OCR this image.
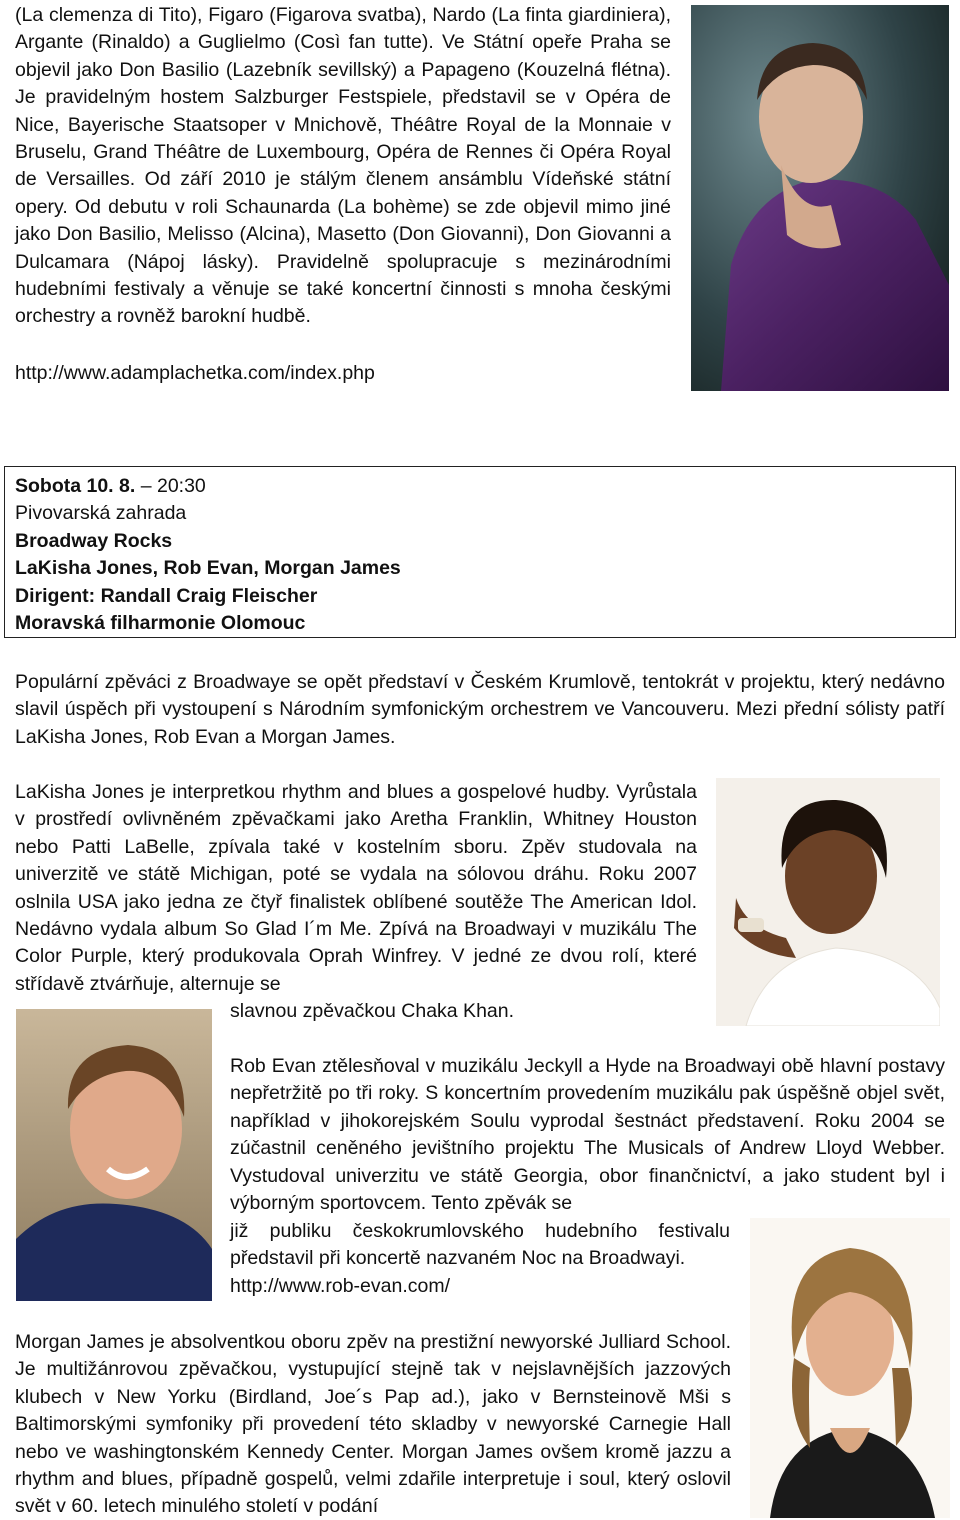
(La clemenza di Tito), Figaro (Figarova svatba), Nardo (La finta giardiniera), Argante (Rinaldo) a Guglielmo (Così fan tutte). Ve Státní opeře Praha se objevil jako Don Basilio (Lazebník sevillský) a Papageno (Kouzelná flétna). Je pravidelným hostem Salzburger Festspiele, představil se v Opéra de Nice, Bayerische Staatsoper v Mnichově, Théâtre Royal de la Monnaie v Bruselu, Grand Théâtre de Luxembourg, Opéra de Rennes či Opéra Royal de Versailles. Od září 2010 je stálým členem ansámblu Vídeňské státní opery. Od debutu v roli Schaunarda (La bohème) se zde objevil mimo jiné jako Don Basilio, Melisso (Alcina), Masetto (Don Giovanni), Don Giovanni a Dulcamara (Nápoj lásky). Pravidelně spolupracuje s mezinárodními hudebními festivaly a věnuje se také koncertní činnosti s mnoha českými orchestry a rovněž barokní hudbě.

http://www.adamplachetka.com/index.php

Sobota 10. 8. – 20:30

Pivovarská zahrada

Broadway Rocks

LaKisha Jones, Rob Evan, Morgan James

Dirigent: Randall Craig Fleischer

Moravská filharmonie Olomouc

Populární zpěváci z Broadwaye se opět představí v Českém Krumlově, tentokrát v projektu, který nedávno slavil úspěch při vystoupení s Národním symfonickým orchestrem ve Vancouveru. Mezi přední sólisty patří LaKisha Jones, Rob Evan a Morgan James.

LaKisha Jones je interpretkou rhythm and blues a gospelové hudby. Vyrůstala v prostředí ovlivněném zpěvačkami jako Aretha Franklin, Whitney Houston nebo Patti LaBelle, zpívala také v kostelním sboru. Zpěv studovala na univerzitě ve státě Michigan, poté se vydala na sólovou dráhu. Roku 2007 oslnila USA jako jedna ze čtyř finalistek oblíbené soutěže The American Idol. Nedávno vydala album So Glad I´m Me. Zpívá na Broadwayi v muzikálu The Color Purple, který produkovala Oprah Winfrey. V jedné ze dvou rolí, které střídavě ztvárňuje, alternuje se

slavnou zpěvačkou Chaka Khan.

Rob Evan ztělesňoval v muzikálu Jeckyll a Hyde na Broadwayi obě hlavní postavy nepřetržitě po tři roky. S koncertním provedením muzikálu pak úspěšně objel svět, například v jihokorejském Soulu vyprodal šestnáct představení. Roku 2004 se zúčastnil ceněného jevištního projektu The Musicals of Andrew Lloyd Webber. Vystudoval univerzitu ve státě Georgia, obor finančnictví, a jako student byl i výborným sportovcem. Tento zpěvák se

již publiku českokrumlovského hudebního festivalu

představil při koncertě nazvaném Noc na Broadwayi.

http://www.rob-evan.com/

Morgan James je absolventkou oboru zpěv na prestižní newyorské Julliard School. Je multižánrovou zpěvačkou, vystupující stejně tak v nejslavnějších jazzových klubech v New Yorku (Birdland, Joe´s Pap ad.), jako v Bernsteinově Mši s Baltimorskými symfoniky při provedení této skladby v newyorské Carnegie Hall nebo ve washingtonském Kennedy Center. Morgan James ovšem kromě jazzu a rhythm and blues, případně gospelů, velmi zdařile interpretuje i soul, který oslovil svět v 60. letech minulého století v podání
